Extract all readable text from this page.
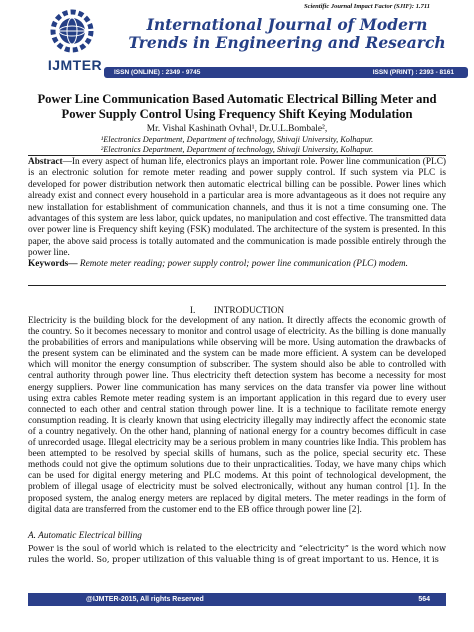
Scientific Journal Impact Factor (SJIF): 1.711
IJMTER
International Journal of Modern Trends in Engineering and Research
ISSN (ONLINE) : 2349 - 9745	ISSN (PRINT) : 2393 - 8161
Power Line Communication Based Automatic Electrical Billing Meter and Power Supply Control Using Frequency Shift Keying Modulation
Mr. Vishal Kashinath Ovhal¹, Dr.U.L.Bombale²,
¹Electronics Department, Department of technology, Shivaji University, Kolhapur.
²Electronics Department, Department of technology, Shivaji University, Kolhapur.
Abstract—In every aspect of human life, electronics plays an important role. Power line communication (PLC) is an electronic solution for remote meter reading and power supply control. If such system via PLC is developed for power distribution network then automatic electrical billing can be possible. Power lines which already exist and connect every household in a particular area is more advantageous as it does not require any new installation for establishment of communication channels, and thus it is not a time consuming one. The advantages of this system are less labor, quick updates, no manipulation and cost effective. The transmitted data over power line is Frequency shift keying (FSK) modulated. The architecture of the system is presented. In this paper, the above said process is totally automated and the communication is made possible entirely through the power line.
Keywords— Remote meter reading; power supply control; power line communication (PLC) modem.
I.  INTRODUCTION
Electricity is the building block for the development of any nation. It directly affects the economic growth of the country. So it becomes necessary to monitor and control usage of electricity. As the billing is done manually the probabilities of errors and manipulations while observing will be more. Using automation the drawbacks of the present system can be eliminated and the system can be made more efficient. A system can be developed which will monitor the energy consumption of subscriber. The system should also be able to controlled with central authority through power line. Thus electricity theft detection system has become a necessity for most energy suppliers. Power line communication has many services on the data transfer via power line without using extra cables Remote meter reading system is an important application in this regard due to every user connected to each other and central station through power line. It is a technique to facilitate remote energy consumption reading. It is clearly known that using electricity illegally may indirectly affect the economic state of a country negatively. On the other hand, planning of national energy for a country becomes difficult in case of unrecorded usage. Illegal electricity may be a serious problem in many countries like India. This problem has been attempted to be resolved by special skills of humans, such as the police, special security etc. These methods could not give the optimum solutions due to their unpracticalities. Today, we have many chips which can be used for digital energy metering and PLC modems. At this point of technological development, the problem of illegal usage of electricity must be solved electronically, without any human control [1]. In the proposed system, the analog energy meters are replaced by digital meters. The meter readings in the form of digital data are transferred from the customer end to the EB office through power line [2].
A. Automatic Electrical billing
Power is the soul of world which is related to the electricity and “electricity” is the word which now rules the world. So, proper utilization of this valuable thing is of great important to us. Hence, it is
@IJMTER-2015, All rights Reserved	564
